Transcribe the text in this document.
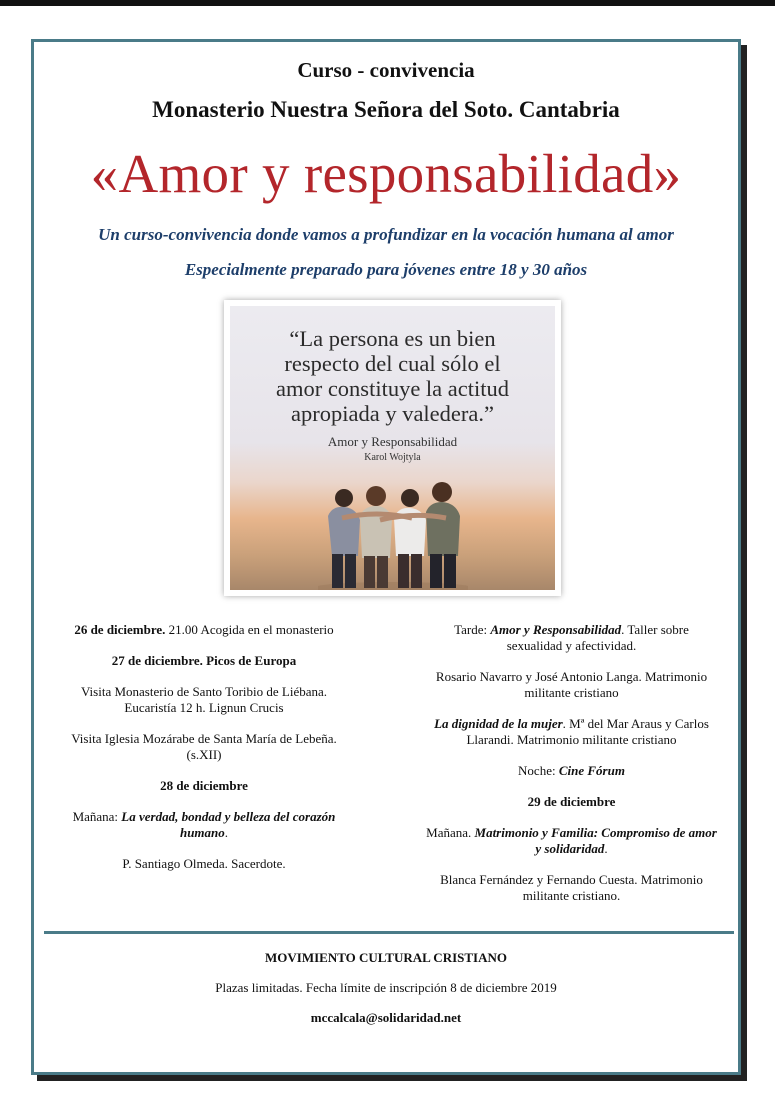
Curso - convivencia
Monasterio Nuestra Señora del Soto. Cantabria
«Amor y responsabilidad»
Un curso-convivencia donde vamos a profundizar en la vocación humana al amor
Especialmente preparado para jóvenes entre 18 y 30 años
“La persona es un bien
respecto del cual sólo el
amor constituye la actitud
apropiada y valedera.”
Amor y Responsabilidad
Karol Wojtyla

26 de diciembre. 21.00 Acogida en el monasterio

27 de diciembre. Picos de Europa

Visita Monasterio de Santo Toribio de Liébana. Eucaristía 12 h. Lignun Crucis

Visita Iglesia Mozárabe de Santa María de Lebeña. (s.XII)

28 de diciembre

Mañana: La verdad, bondad y belleza del corazón humano.

P. Santiago Olmeda. Sacerdote.

Tarde: Amor y Responsabilidad. Taller sobre sexualidad y afectividad.

Rosario Navarro y José Antonio Langa. Matrimonio militante cristiano

La dignidad de la mujer. Mª del Mar Araus y Carlos Llarandi. Matrimonio militante cristiano

Noche: Cine Fórum

29 de diciembre

Mañana. Matrimonio y Familia: Compromiso de amor y solidaridad.

Blanca Fernández y Fernando Cuesta. Matrimonio militante cristiano.

MOVIMIENTO CULTURAL CRISTIANO
Plazas limitadas. Fecha límite de inscripción 8 de diciembre 2019
mccalcala@solidaridad.net
